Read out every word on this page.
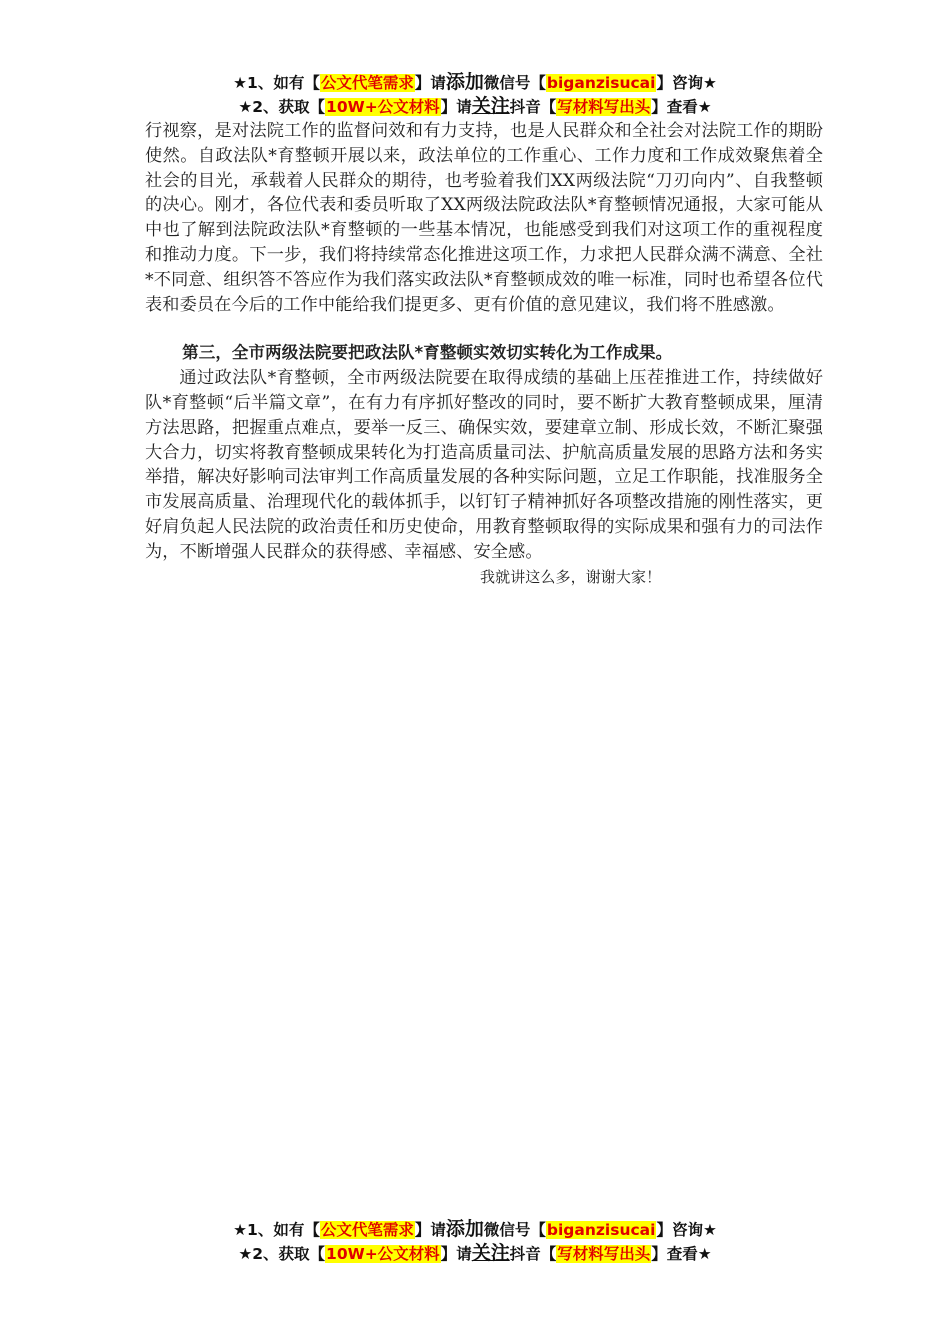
★1、如有【公文代笔需求】请添加微信号【biganzisucai】咨询★
★2、获取【10W+公文材料】请关注抖音【写材料写出头】查看★

行视察，是对法院工作的监督问效和有力支持，也是人民群众和全社会对法院工作的期盼使然。自政法队*育整顿开展以来，政法单位的工作重心、工作力度和工作成效聚焦着全社会的目光，承载着人民群众的期待，也考验着我们XX两级法院“刀刃向内”、自我整顿的决心。刚才，各位代表和委员听取了XX两级法院政法队*育整顿情况通报，大家可能从中也了解到法院政法队*育整顿的一些基本情况，也能感受到我们对这项工作的重视程度和推动力度。下一步，我们将持续常态化推进这项工作，力求把人民群众满不满意、全社*不同意、组织答不答应作为我们落实政法队*育整顿成效的唯一标准，同时也希望各位代表和委员在今后的工作中能给我们提更多、更有价值的意见建议，我们将不胜感激。

第三，全市两级法院要把政法队*育整顿实效切实转化为工作成果。

通过政法队*育整顿，全市两级法院要在取得成绩的基础上压茬推进工作，持续做好队*育整顿“后半篇文章”，在有力有序抓好整改的同时，要不断扩大教育整顿成果，厘清方法思路，把握重点难点，要举一反三、确保实效，要建章立制、形成长效，不断汇聚强大合力，切实将教育整顿成果转化为打造高质量司法、护航高质量发展的思路方法和务实举措，解决好影响司法审判工作高质量发展的各种实际问题，立足工作职能，找准服务全市发展高质量、治理现代化的载体抓手，以钉钉子精神抓好各项整改措施的刚性落实，更好肩负起人民法院的政治责任和历史使命，用教育整顿取得的实际成果和强有力的司法作为，不断增强人民群众的获得感、幸福感、安全感。

我就讲这么多，谢谢大家！

★1、如有【公文代笔需求】请添加微信号【biganzisucai】咨询★
★2、获取【10W+公文材料】请关注抖音【写材料写出头】查看★
